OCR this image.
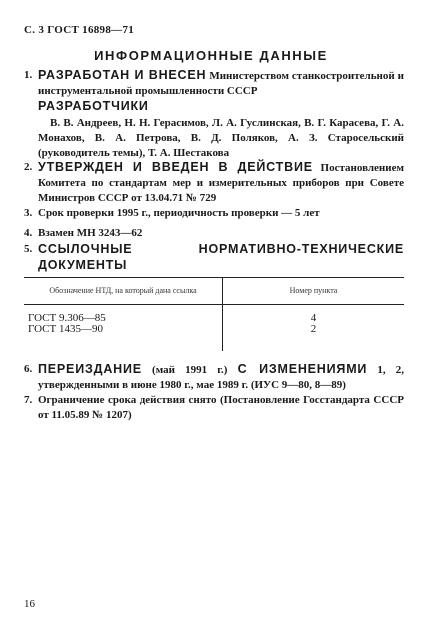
С. 3 ГОСТ 16898—71
ИНФОРМАЦИОННЫЕ ДАННЫЕ
1. РАЗРАБОТАН И ВНЕСЕН Министерством станкостроительной и инструментальной промышленности СССР
РАЗРАБОТЧИКИ
В. В. Андреев, Н. Н. Герасимов, Л. А. Гуслинская, В. Г. Карасева, Г. А. Монахов, В. А. Петрова, В. Д. Поляков, А. З. Старосельский (руководитель темы), Т. А. Шестакова
2. УТВЕРЖДЕН И ВВЕДЕН В ДЕЙСТВИЕ Постановлением Комитета по стандартам мер и измерительных приборов при Совете Министров СССР от 13.04.71 № 729
3. Срок проверки 1995 г., периодичность проверки — 5 лет
4. Взамен МН 3243—62
5. ССЫЛОЧНЫЕ НОРМАТИВНО-ТЕХНИЧЕСКИЕ ДОКУМЕНТЫ
Обозначение НТД, на который дана ссылка	Номер пункта
ГОСТ 9.306—85	4
ГОСТ 1435—90	2

6. ПЕРЕИЗДАНИЕ (май 1991 г.) С ИЗМЕНЕНИЯМИ 1, 2, утвержденными в июне 1980 г., мае 1989 г. (ИУС 9—80, 8—89)
7. Ограничение срока действия снято (Постановление Госстандарта СССР от 11.05.89 № 1207)
16
